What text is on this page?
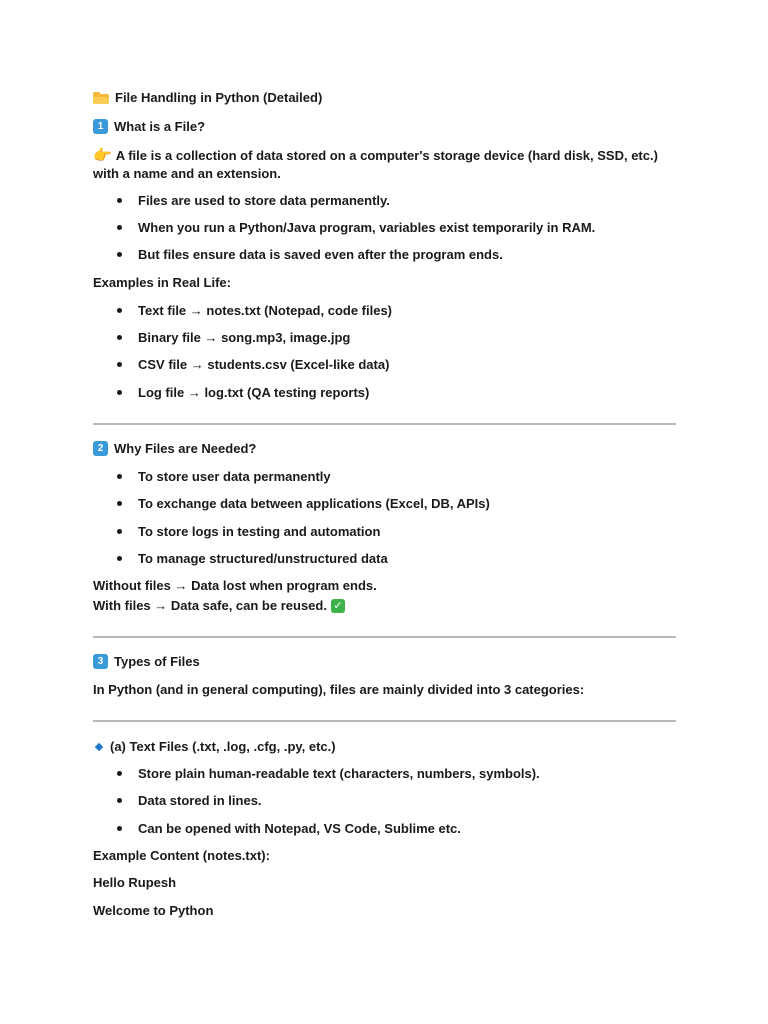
File Handling in Python (Detailed)
1 What is a File?
👉 A file is a collection of data stored on a computer's storage device (hard disk, SSD, etc.)
with a name and an extension.
Files are used to store data permanently.
When you run a Python/Java program, variables exist temporarily in RAM.
But files ensure data is saved even after the program ends.
Examples in Real Life:
Text file → notes.txt (Notepad, code files)
Binary file → song.mp3, image.jpg
CSV file → students.csv (Excel-like data)
Log file → log.txt (QA testing reports)
2 Why Files are Needed?
To store user data permanently
To exchange data between applications (Excel, DB, APIs)
To store logs in testing and automation
To manage structured/unstructured data
Without files → Data lost when program ends.
With files → Data safe, can be reused. ✓
3 Types of Files
In Python (and in general computing), files are mainly divided into 3 categories:
(a) Text Files (.txt, .log, .cfg, .py, etc.)
Store plain human-readable text (characters, numbers, symbols).
Data stored in lines.
Can be opened with Notepad, VS Code, Sublime etc.
Example Content (notes.txt):
Hello Rupesh
Welcome to Python
